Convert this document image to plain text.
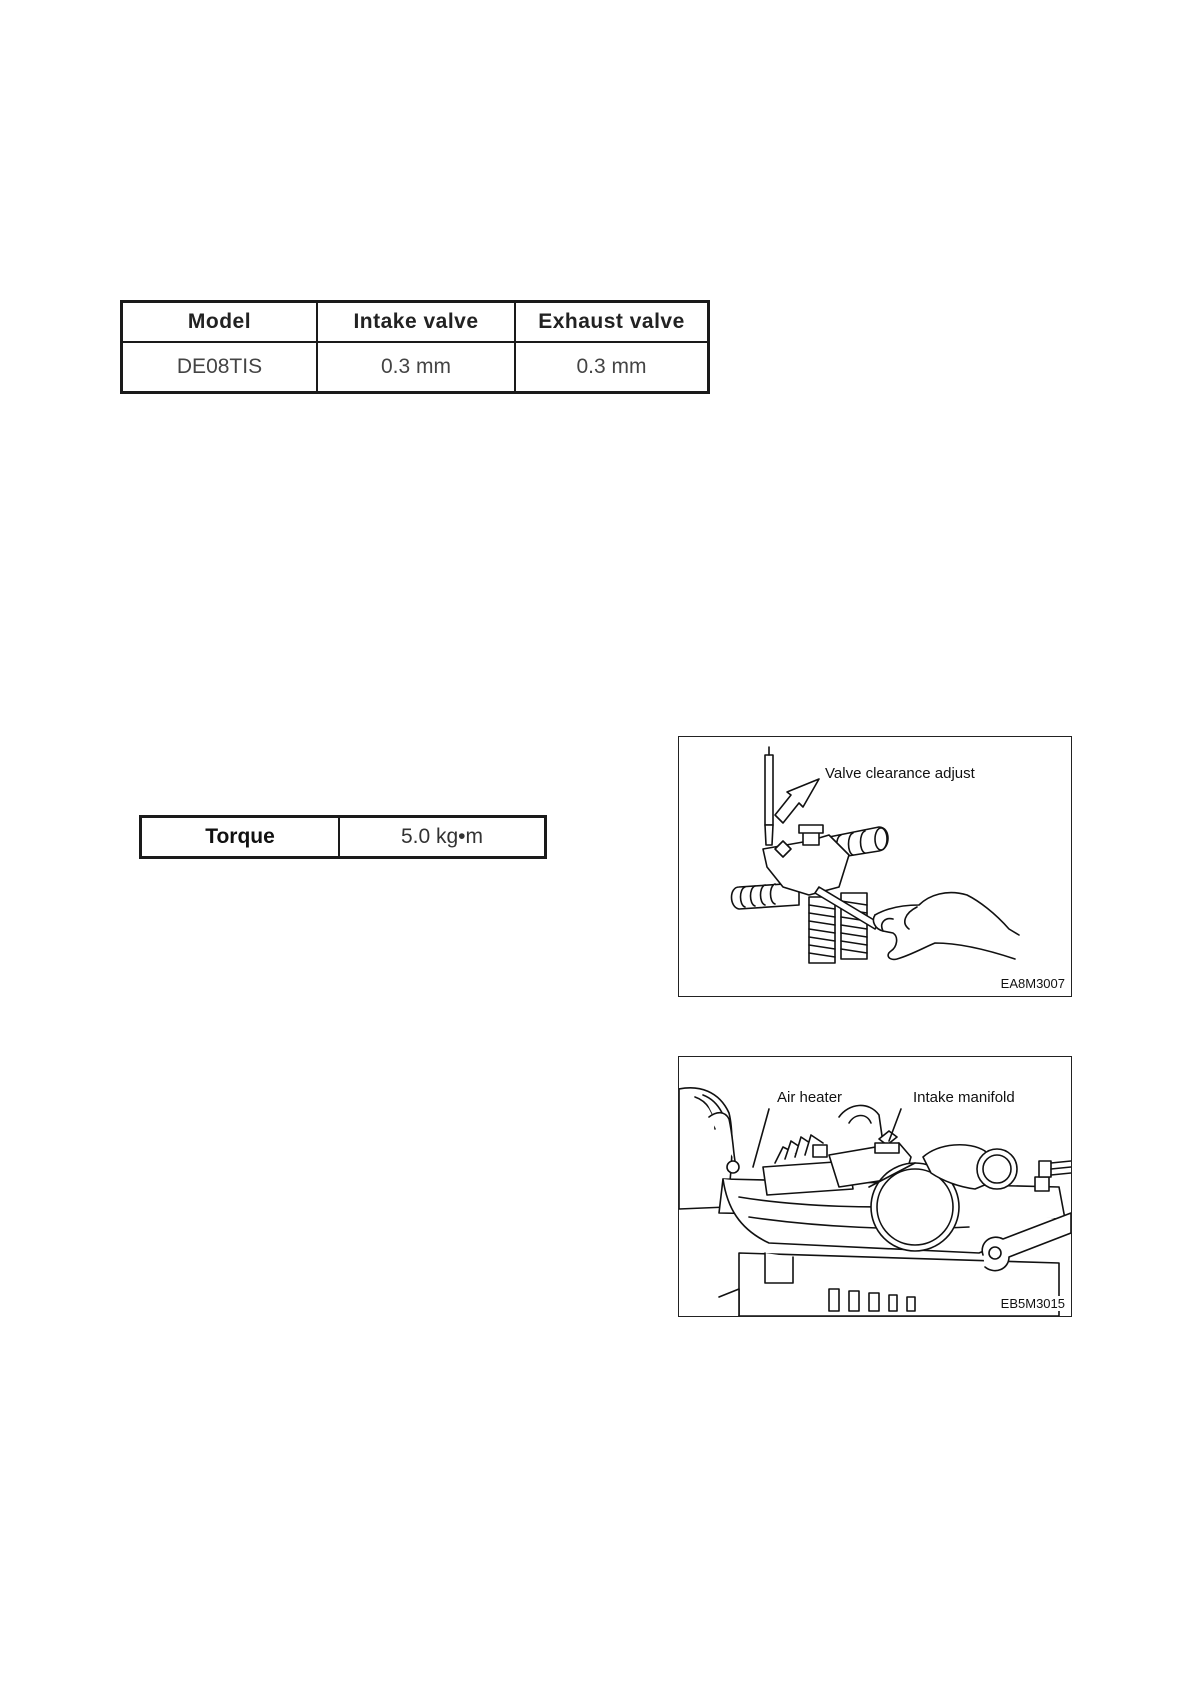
Model	Intake valve	Exhaust valve
DE08TIS	0.3 mm	0.3 mm
Torque	5.0 kg•m
Valve clearance adjust
EA8M3007
Air heater	Intake manifold
EB5M3015
